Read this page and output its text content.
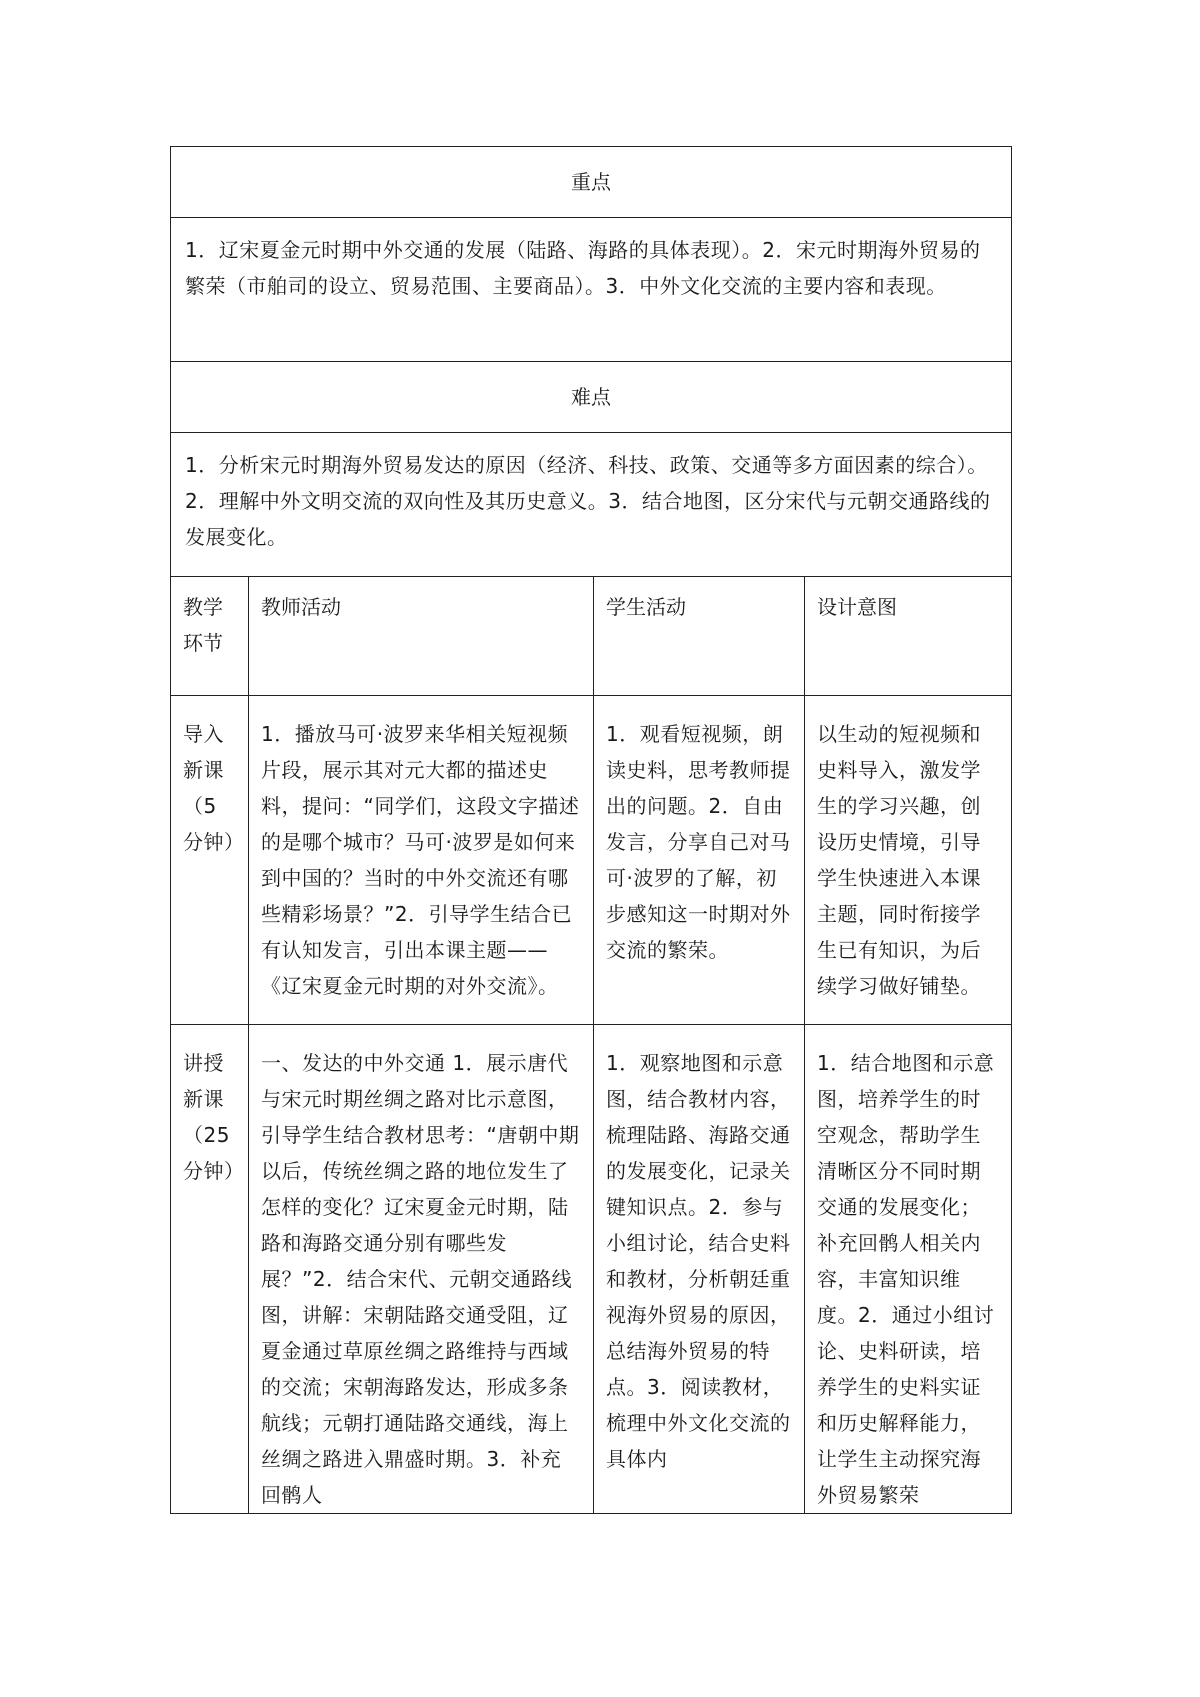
重点			
1．辽宋夏金元时期中外交通的发展（陆路、海路的具体表现）。2．宋元时期海外贸易的繁荣（市舶司的设立、贸易范围、主要商品）。3．中外文化交流的主要内容和表现。			
难点			
1．分析宋元时期海外贸易发达的原因（经济、科技、政策、交通等多方面因素的综合）。2．理解中外文明交流的双向性及其历史意义。3．结合地图，区分宋代与元朝交通路线的发展变化。			
教学环节	教师活动	学生活动	设计意图
导入新课（5分钟）	1．播放马可·波罗来华相关短视频片段，展示其对元大都的描述史料，提问：“同学们，这段文字描述的是哪个城市？马可·波罗是如何来到中国的？当时的中外交流还有哪些精彩场景？”2．引导学生结合已有认知发言，引出本课主题——《辽宋夏金元时期的对外交流》。	1．观看短视频，朗读史料，思考教师提出的问题。2．自由发言，分享自己对马可·波罗的了解，初步感知这一时期对外交流的繁荣。	以生动的短视频和史料导入，激发学生的学习兴趣，创设历史情境，引导学生快速进入本课主题，同时衔接学生已有知识，为后续学习做好铺垫。
讲授新课（25分钟）	一、发达的中外交通 1．展示唐代与宋元时期丝绸之路对比示意图，引导学生结合教材思考：“唐朝中期以后，传统丝绸之路的地位发生了怎样的变化？辽宋夏金元时期，陆路和海路交通分别有哪些发展？”2．结合宋代、元朝交通路线图，讲解：宋朝陆路交通受阻，辽夏金通过草原丝绸之路维持与西域的交流；宋朝海路发达，形成多条航线；元朝打通陆路交通线，海上丝绸之路进入鼎盛时期。3．补充回鹘人	1．观察地图和示意图，结合教材内容，梳理陆路、海路交通的发展变化，记录关键知识点。2．参与小组讨论，结合史料和教材，分析朝廷重视海外贸易的原因，总结海外贸易的特点。3．阅读教材，梳理中外文化交流的具体内	1．结合地图和示意图，培养学生的时空观念，帮助学生清晰区分不同时期交通的发展变化；补充回鹘人相关内容，丰富知识维度。2．通过小组讨论、史料研读，培养学生的史料实证和历史解释能力，让学生主动探究海外贸易繁荣
